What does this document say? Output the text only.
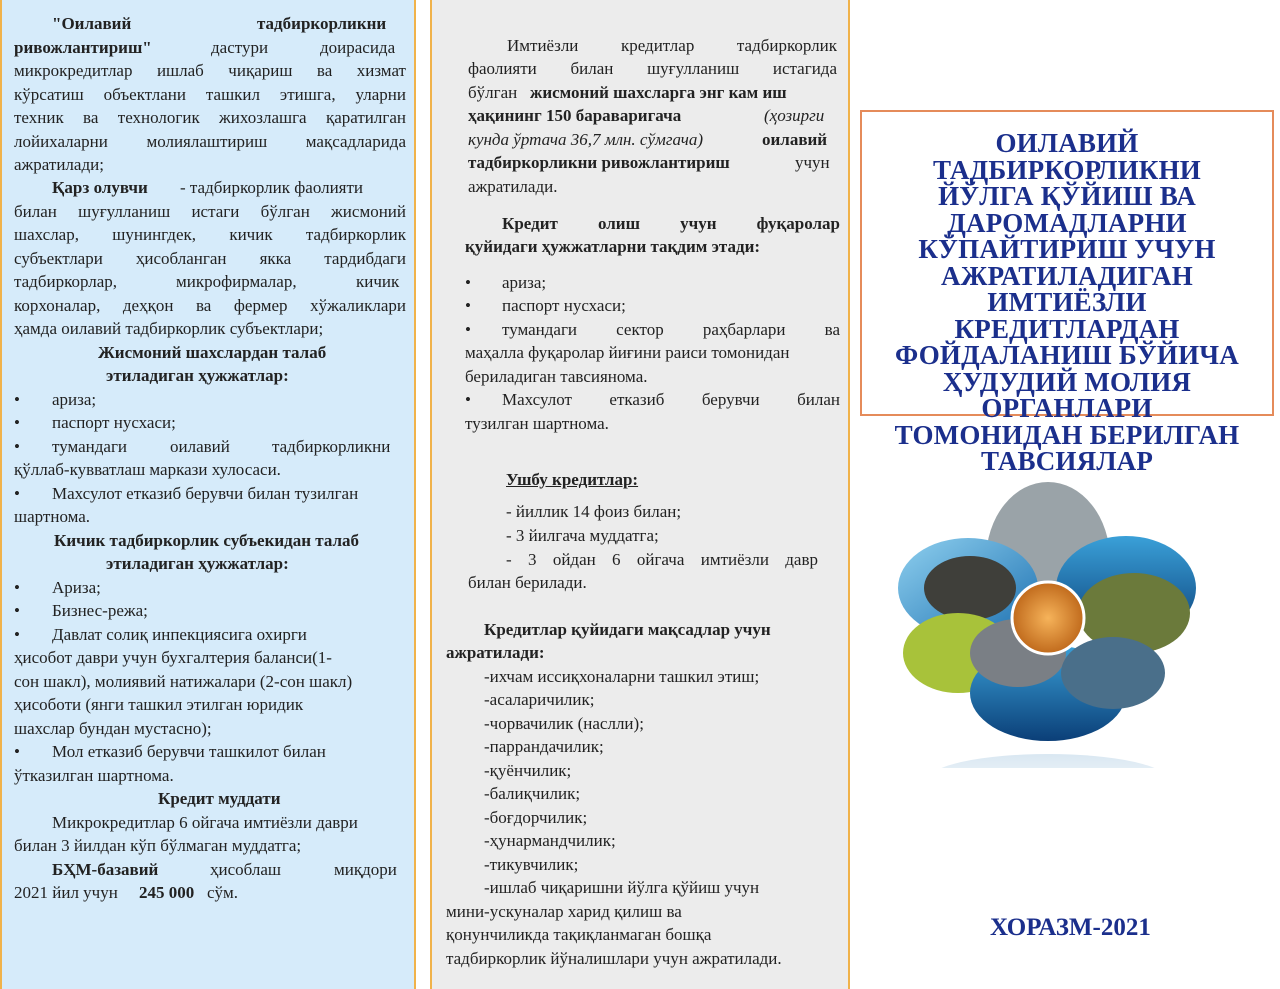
"Оилавий	тадбиркорликни
ривожлантириш"	дастури	доирасида
микрокредитлар ишлаб чиқариш ва хизмат
кўрсатиш объектлани ташкил этишга, уларни
техник ва технологик жихозлашга қаратилган
лойихаларни молиялаштириш мақсадларида
ажратилади;
Қарз олувчи - тадбиркорлик фаолияти
билан шуғулланиш истаги бўлган жисмоний
шахслар, шунингдек, кичик тадбиркорлик
субъектлари ҳисобланган якка тардибдаги
тадбиркорлар,	микрофирмалар,	кичик
корхоналар, деҳқон ва фермер хўжаликлари
ҳамда оилавий тадбиркорлик субъектлари;
Жисмоний шахслардан талаб
этиладиган ҳужжатлар:
• ариза;
• паспорт нусхаси;
• тумандаги	оилавий тадбиркорликни
қўллаб-кувватлаш маркази хулосаси.
• Махсулот етказиб берувчи билан тузилган
шартнома.
Кичик тадбиркорлик субъекидан талаб
этиладиган ҳужжатлар:
• Ариза;
• Бизнес-режа;
• Давлат солиқ инпекциясига охирги
ҳисобот даври учун бухгалтерия баланси(1-
сон шакл), молиявий натижалари (2-сон шакл)
ҳисоботи (янги ташкил этилган юридик
шахслар бундан мустасно);
• Мол етказиб берувчи ташкилот билан
ўтказилган шартнома.
Кредит муддати
Микрокредитлар 6 ойгача имтиёзли даври
билан 3 йилдан кўп бўлмаган муддатга;
БҲМ-базавий	ҳисоблаш	миқдори
2021 йил учун 245 000 сўм.
Имтиёзли кредитлар тадбиркорлик
фаолияти билан шуғулланиш истагида
бўлган жисмоний шахсларга энг кам иш
ҳақининг 150 бараваригача	(ҳозирги
кунда ўртача 36,7 млн. сўмгача)	оилавий
тадбиркорликни ривожлантириш	учун
ажратилади.
Кредит олиш учун фуқаролар
қуйидаги ҳужжатларни тақдим этади:
• ариза;
• паспорт нусхаси;
• тумандаги сектор раҳбарлари ва
маҳалла фуқаролар йиғини раиси томонидан
бериладиган тавсиянома.
• Махсулот етказиб берувчи билан
тузилган шартнома.
Ушбу кредитлар:
- йиллик 14 фоиз билан;
- 3 йилгача муддатга;
- 3 ойдан 6 ойгача имтиёзли давр
билан берилади.
Кредитлар қуйидаги мақсадлар учун
ажратилади:
-ихчам иссиқхоналарни ташкил этиш;
-асаларичилик;
-чорвачилик (наслли);
-паррандачилик;
-қуёнчилик;
-балиқчилик;
-боғдорчилик;
-ҳунармандчилик;
-тикувчилик;
-ишлаб чиқаришни йўлга қўйиш учун
мини-ускуналар харид қилиш ва
қонунчиликда тақиқланмаган бошқа
тадбиркорлик йўналишлари учун ажратилади.
ОИЛАВИЙ ТАДБИРКОРЛИКНИ
ЙЎЛГА ҚЎЙИШ ВА
ДАРОМАДЛАРНИ
КЎПАЙТИРИШ УЧУН
АЖРАТИЛАДИГАН ИМТИЁЗЛИ
КРЕДИТЛАРДАН
ФОЙДАЛАНИШ БЎЙИЧА
ҲУДУДИЙ МОЛИЯ ОРГАНЛАРИ
ТОМОНИДАН БЕРИЛГАН
ТАВСИЯЛАР
ХОРАЗМ-2021
